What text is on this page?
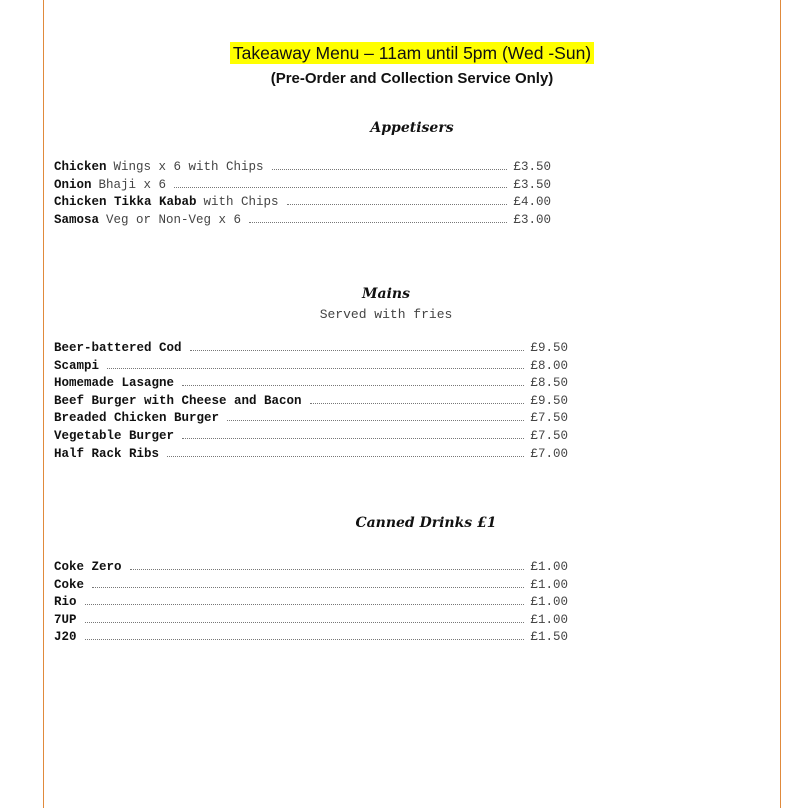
Takeaway Menu – 11am until 5pm (Wed -Sun)
(Pre-Order and Collection Service Only)
Appetisers
Chicken Wings x 6 with Chips	£3.50
Onion Bhaji x 6	£3.50
Chicken Tikka Kabab with Chips	£4.00
Samosa Veg or Non-Veg x 6	£3.00
Mains
Served with fries
Beer-battered Cod	£9.50
Scampi	£8.00
Homemade Lasagne	£8.50
Beef Burger with Cheese and Bacon	£9.50
Breaded Chicken Burger	£7.50
Vegetable Burger	£7.50
Half Rack Ribs	£7.00
Canned Drinks £1
Coke Zero	£1.00
Coke	£1.00
Rio	£1.00
7UP	£1.00
J20	£1.50
